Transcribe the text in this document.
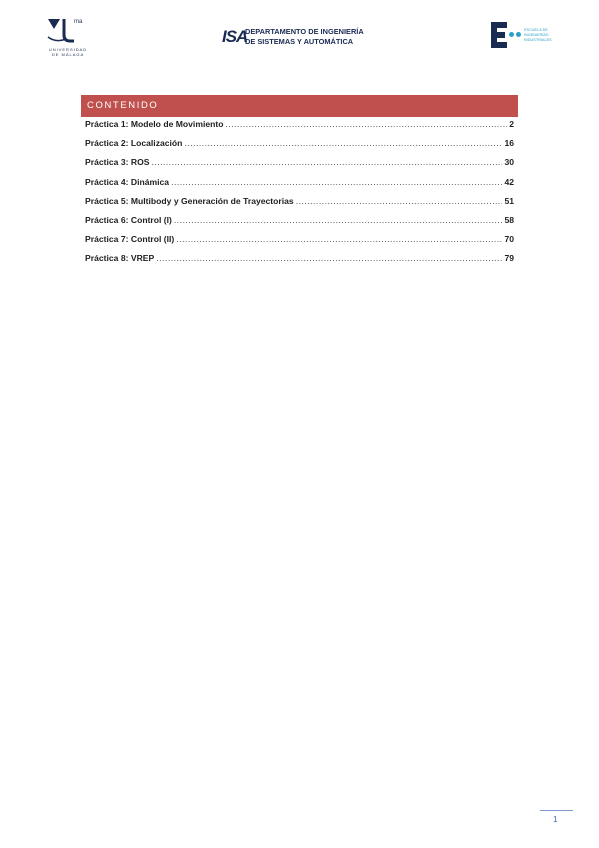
ma
UNIVERSIDAD DE MÁLAGA
ISA
DEPARTAMENTO DE INGENIERÍA
DE SISTEMAS Y AUTOMÁTICA
ESCUELA DE
INGENIERÍAS
INDUSTRIALES
CONTENIDO
Práctica 1: Modelo de Movimiento .....	2
Práctica 2: Localización .....	16
Práctica 3: ROS .....	30
Práctica 4: Dinámica .....	42
Práctica 5: Multibody y Generación de Trayectorias .....	51
Práctica 6: Control (I) .....	58
Práctica 7: Control (II) .....	70
Práctica 8: VREP .....	79
1
